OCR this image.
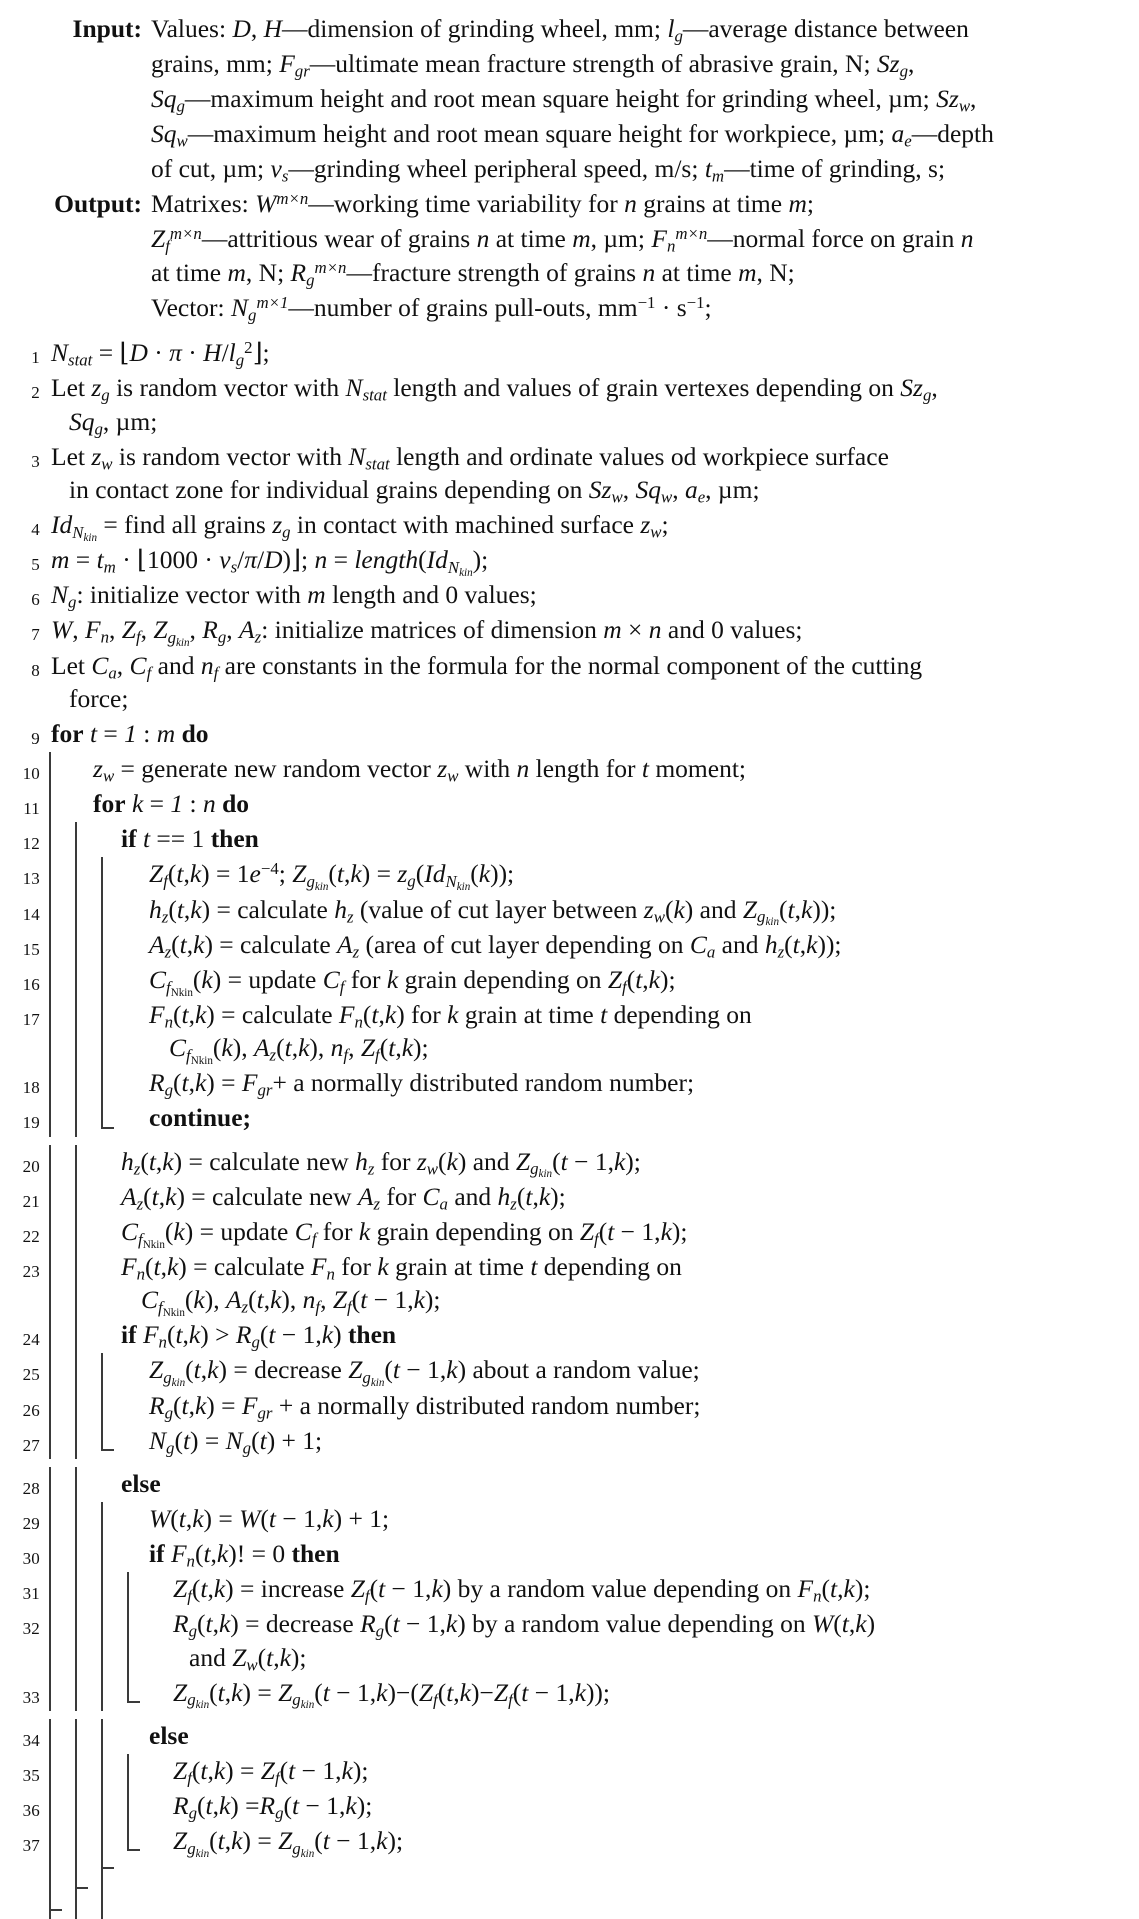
Input: Values: D, H—dimension of grinding wheel, mm; $l_g—average$ distance between
grains, mm; $F_{gr}—ultimate$ mean fracture strength of abrasive grain, N; $Sz_g$,
$Sq_g—maximum$ height and root mean square height for grinding wheel, µm; $Sz_w$,
$Sq_w—maximum$ height and root mean square height for workpiece, µm; $a_e—depth$
of cut, µm; $v_s—grinding$ wheel peripheral speed, m/s; $t_m—time$ of grinding, s;
Output: Matrixes: $W^{m\times n}—working$ time variability for n grains at time m;
$Z_f^{m\times n}—attritious$ wear of grains n at time m, µm; $F_n^{m\times n}—normal$ force on grain n
at time m, N; $R_g^{m\times n}—fracture$ strength of grains n at time m, N;
Vector: $N_g^{m\times 1}—number$ of grains pull-outs, $mm^{-1} \cdot s^{-1}$;
1 $N_{stat}$ = ⌊D · $\pi \cdot H/l_g^2⌋$;
2 Let $z_g$ is random vector with $N_{stat}$ length and values of grain vertexes depending on $Sz_g$,
$Sq_g$, µm;
3 Let $z_w$ is random vector with $N_{stat}$ length and ordinate values od workpiece surface
in contact zone for individual grains depending on $Sz_w$, $Sq_w$, $a_e$, µm;
4 $Id_{N_{kin}}$ = find all grains $z_g$ in contact with machined surface $z_w$;
5 $m = t_m$ · ⌊1000 · $v_s/\pi/D)⌋$; $n = length(Id_{N_{kin}})$;
6 $N_g$: initialize vector with m length and 0 values;
7 W, $F_n$, $Z_f$, $Z_{g_{kin}}$, $R_g$, $A_z$: initialize matrices of dimension m × n and 0 values;
8 Let $C_a$, $C_f$ and $n_f$ are constants in the formula for the normal component of the cutting
force;
9 for t = 1 : m do
10	$z_w$ = generate new random vector $z_w$ with n length for t moment;
11	for k = 1 : n do
12	if t == 1 then
13	$Z_f(t,k) = 1e^{-4}$; $Z_{g_{kin}}(t,k) = z_g(Id_{N_{kin}}(k))$;
14	$h_z(t,k)$ = calculate $h_z$ (value of cut layer between $z_w(k)$ and $Z_{g_{kin}}(t,k)$);
15	$A_z(t,k)$ = calculate $A_z$ (area of cut layer depending on $C_a$ and $h_z(t,k)$);
16	$C_{f_{Nkin}}(k)$ = update $C_f$ for k grain depending on $Z_f(t,k)$;
17	$F_n(t,k)$ = calculate $F_n(t,k)$ for k grain at time t depending on
$C_{f_{Nkin}}(k)$, $A_z(t,k)$, $n_f$, $Z_f(t,k)$;
18	$R_g(t,k) = F_{gr}+ a$ normally distributed random number;
19	continue;
20	$h_z(t,k)$ = calculate new $h_z$ for $z_w(k)$ and $Z_{g_{kin}}(t - 1,k)$;
21	$A_z(t,k)$ = calculate new $A_z$ for $C_a$ and $h_z(t,k)$;
22	$C_{f_{Nkin}}(k)$ = update $C_f$ for k grain depending on $Z_f(t - 1,k)$;
23	$F_n(t,k)$ = calculate $F_n$ for k grain at time t depending on
$C_{f_{Nkin}}(k)$, $A_z(t,k)$, $n_f$, $Z_f(t - 1,k)$;
24	if $F_n(t,k) > R_g(t - 1,k)$ then
25	$Z_{g_{kin}}(t,k)$ = decrease $Z_{g_{kin}}(t - 1,k)$ about a random value;
26	$R_g(t,k) = F_{gr} + a$ normally distributed random number;
27	$N_g(t) = N_g(t) + 1$;
28	else
29	W(t,k) = W(t − 1,k) + 1;
30	if $F_n(t,k)$! = 0 then
31	$Z_f(t,k)$ = increase $Z_f(t - 1,k)$ by a random value depending on $F_n(t,k)$;
32	$R_g(t,k)$ = decrease $R_g(t - 1,k)$ by a random value depending on W(t,k)
and $Z_w(t,k)$;
33	$Z_{g_{kin}}(t,k) = Z_{g_{kin}}(t - 1,k)-(Z_f(t,k)-Z_f(t - 1,k))$;
34	else
35	$Z_f(t,k) = Z_f(t - 1,k)$;
36	$R_g(t,k) =R_g(t - 1,k)$;
37	$Z_{g_{kin}}(t,k) = Z_{g_{kin}}(t - 1,k)$;
